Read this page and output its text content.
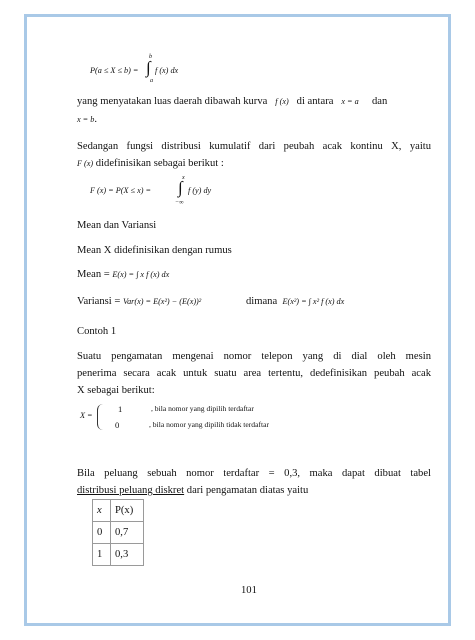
P(a ≤ X ≤ b) =
b
∫
a
f (x) dx
yang menyatakan luas daerah dibawah kurva f (x) di antara x = a dan
x = b.
Sedangan fungsi distribusi kumulatif dari peubah acak kontinu X, yaitu
F (x) didefinisikan sebagai berikut :
F (x) = P(X ≤ x) =
x
∫
−∞
f (y) dy
Mean dan Variansi
Mean X didefinisikan dengan rumus
Mean = E(x) = ∫ x f (x) dx
Variansi = Var(x) = E(x²) − (E(x))²	dimana E(x²) = ∫ x² f (x) dx
Contoh 1
Suatu pengamatan mengenai nomor telepon yang di dial oleh mesin
penerima secara acak untuk suatu area tertentu, dedefinisikan peubah acak
X sebagai berikut:
X =
1	, bila nomor yang dipilih terdaftar
0	, bila nomor yang dipilih tidak terdaftar
Bila peluang sebuah nomor terdaftar = 0,3, maka dapat dibuat tabel
distribusi peluang diskret dari pengamatan diatas yaitu
x	P(x)
0	0,7
1	0,3
101
